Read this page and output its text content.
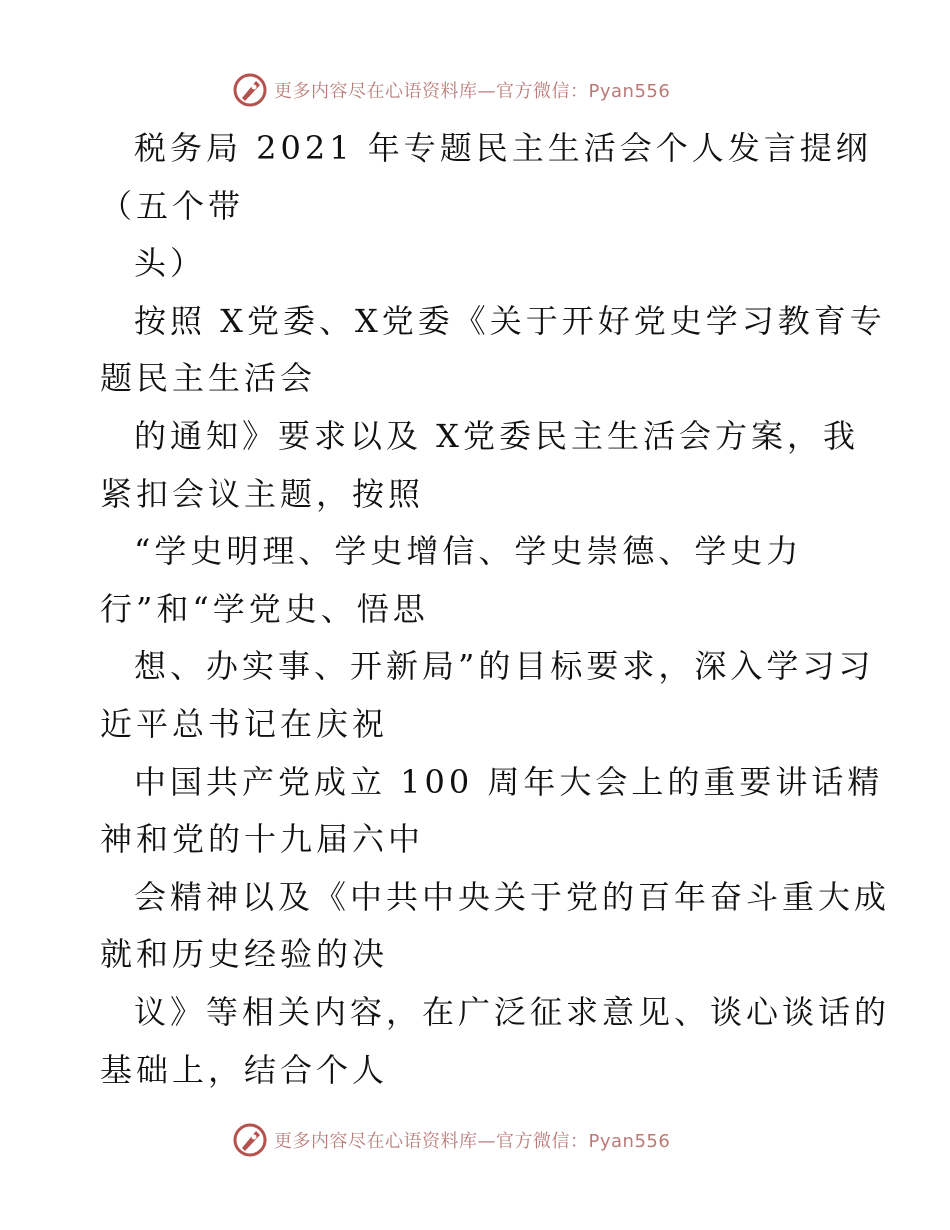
更多内容尽在心语资料库—官方微信：Pyan556
税务局 2021 年专题民主生活会个人发言提纲
（五个带
头）
按照 X党委、X党委《关于开好党史学习教育专
题民主生活会
的通知》要求以及 X党委民主生活会方案，我
紧扣会议主题，按照
“学史明理、学史增信、学史崇德、学史力
行”和“学党史、悟思
想、办实事、开新局”的目标要求，深入学习习
近平总书记在庆祝
中国共产党成立 100 周年大会上的重要讲话精
神和党的十九届六中
会精神以及《中共中央关于党的百年奋斗重大成
就和历史经验的决
议》等相关内容，在广泛征求意见、谈心谈话的
基础上，结合个人
更多内容尽在心语资料库—官方微信：Pyan556
